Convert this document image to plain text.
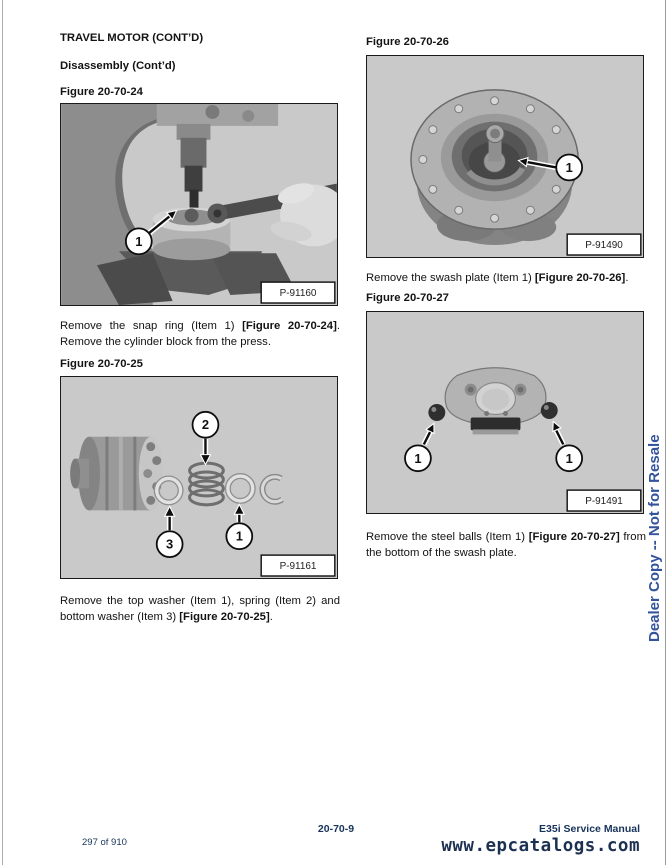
TRAVEL MOTOR (CONT’D)
Disassembly (Cont’d)
Figure 20-70-24
1
P-91160

Remove the snap ring (Item 1) [Figure 20-70-24]. Remove the cylinder block from the press.

Figure 20-70-25
2
3
1
P-91161

Remove the top washer (Item 1), spring (Item 2) and bottom washer (Item 3) [Figure 20-70-25].

Figure 20-70-26
1
P-91490

Remove the swash plate (Item 1) [Figure 20-70-26].

Figure 20-70-27
1	1
P-91491

Remove the steel balls (Item 1) [Figure 20-70-27] from the bottom of the swash plate.	Dealer Copy -- Not for Resale
297 of 910
20-70-9	E35i Service Manual
www.epcatalogs.com
